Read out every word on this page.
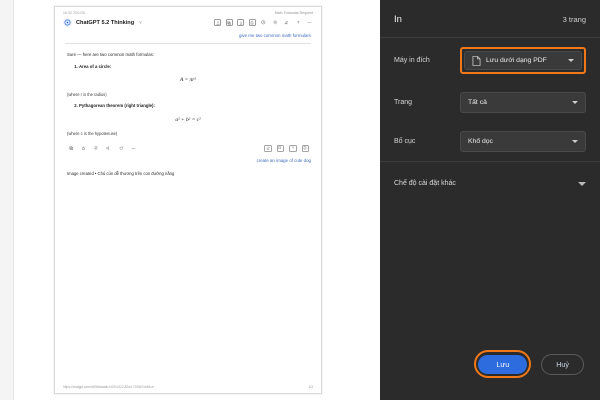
16:32 23/1/26	Math Formulas Request
ChatGPT 5.2 Thinking ˅
give me two common math formulars

Sure — here are two common math formulas:

1. Area of a circle:
A = πr²
(where r is the radius)
2. Pythagorean theorem (right triangle):
a² + b² = c²
(where c is the hypotenuse)
create an image of cute dog
Image created • Chú cún dễ thương trên con đường nắng
https://chatgpt.com/c/69fcdaadb-f429-b322-82d4-7109e7cb81ce	1/3
In	3 trang
Máy in đích	Lưu dưới dạng PDF
Trang	Tất cả
Bố cục	Khổ dọc
Chế độ cài đặt khác
Lưu	Huỷ
